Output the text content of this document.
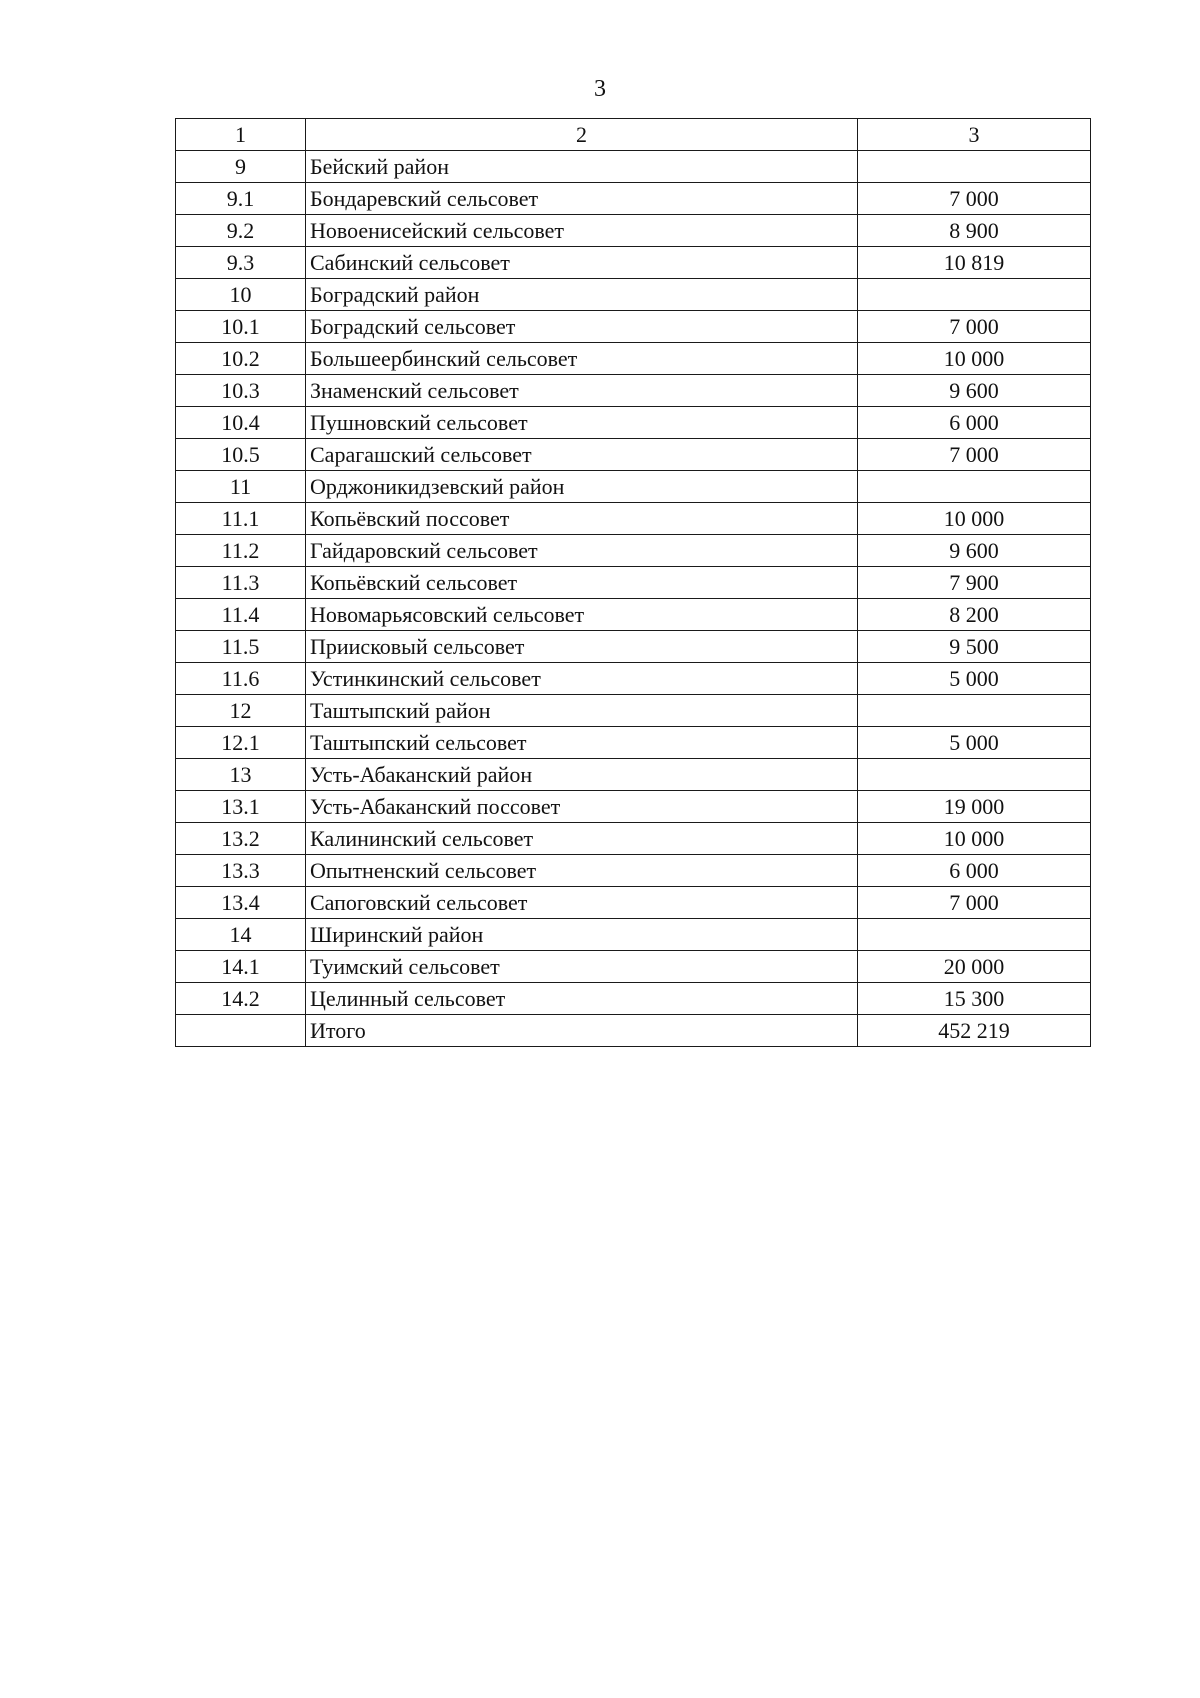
3
1	2	3
9	Бейский район	
9.1	Бондаревский сельсовет	7 000
9.2	Новоенисейский сельсовет	8 900
9.3	Сабинский сельсовет	10 819
10	Боградский район	
10.1	Боградский сельсовет	7 000
10.2	Большеербинский сельсовет	10 000
10.3	Знаменский сельсовет	9 600
10.4	Пушновский сельсовет	6 000
10.5	Сарагашский сельсовет	7 000
11	Орджоникидзевский район	
11.1	Копьёвский поссовет	10 000
11.2	Гайдаровский сельсовет	9 600
11.3	Копьёвский сельсовет	7 900
11.4	Новомарьясовский сельсовет	8 200
11.5	Приисковый сельсовет	9 500
11.6	Устинкинский сельсовет	5 000
12	Таштыпский район	
12.1	Таштыпский сельсовет	5 000
13	Усть-Абаканский район	
13.1	Усть-Абаканский поссовет	19 000
13.2	Калининский сельсовет	10 000
13.3	Опытненский сельсовет	6 000
13.4	Сапоговский сельсовет	7 000
14	Ширинский район	
14.1	Туимский сельсовет	20 000
14.2	Целинный сельсовет	15 300
	Итого	452 219
